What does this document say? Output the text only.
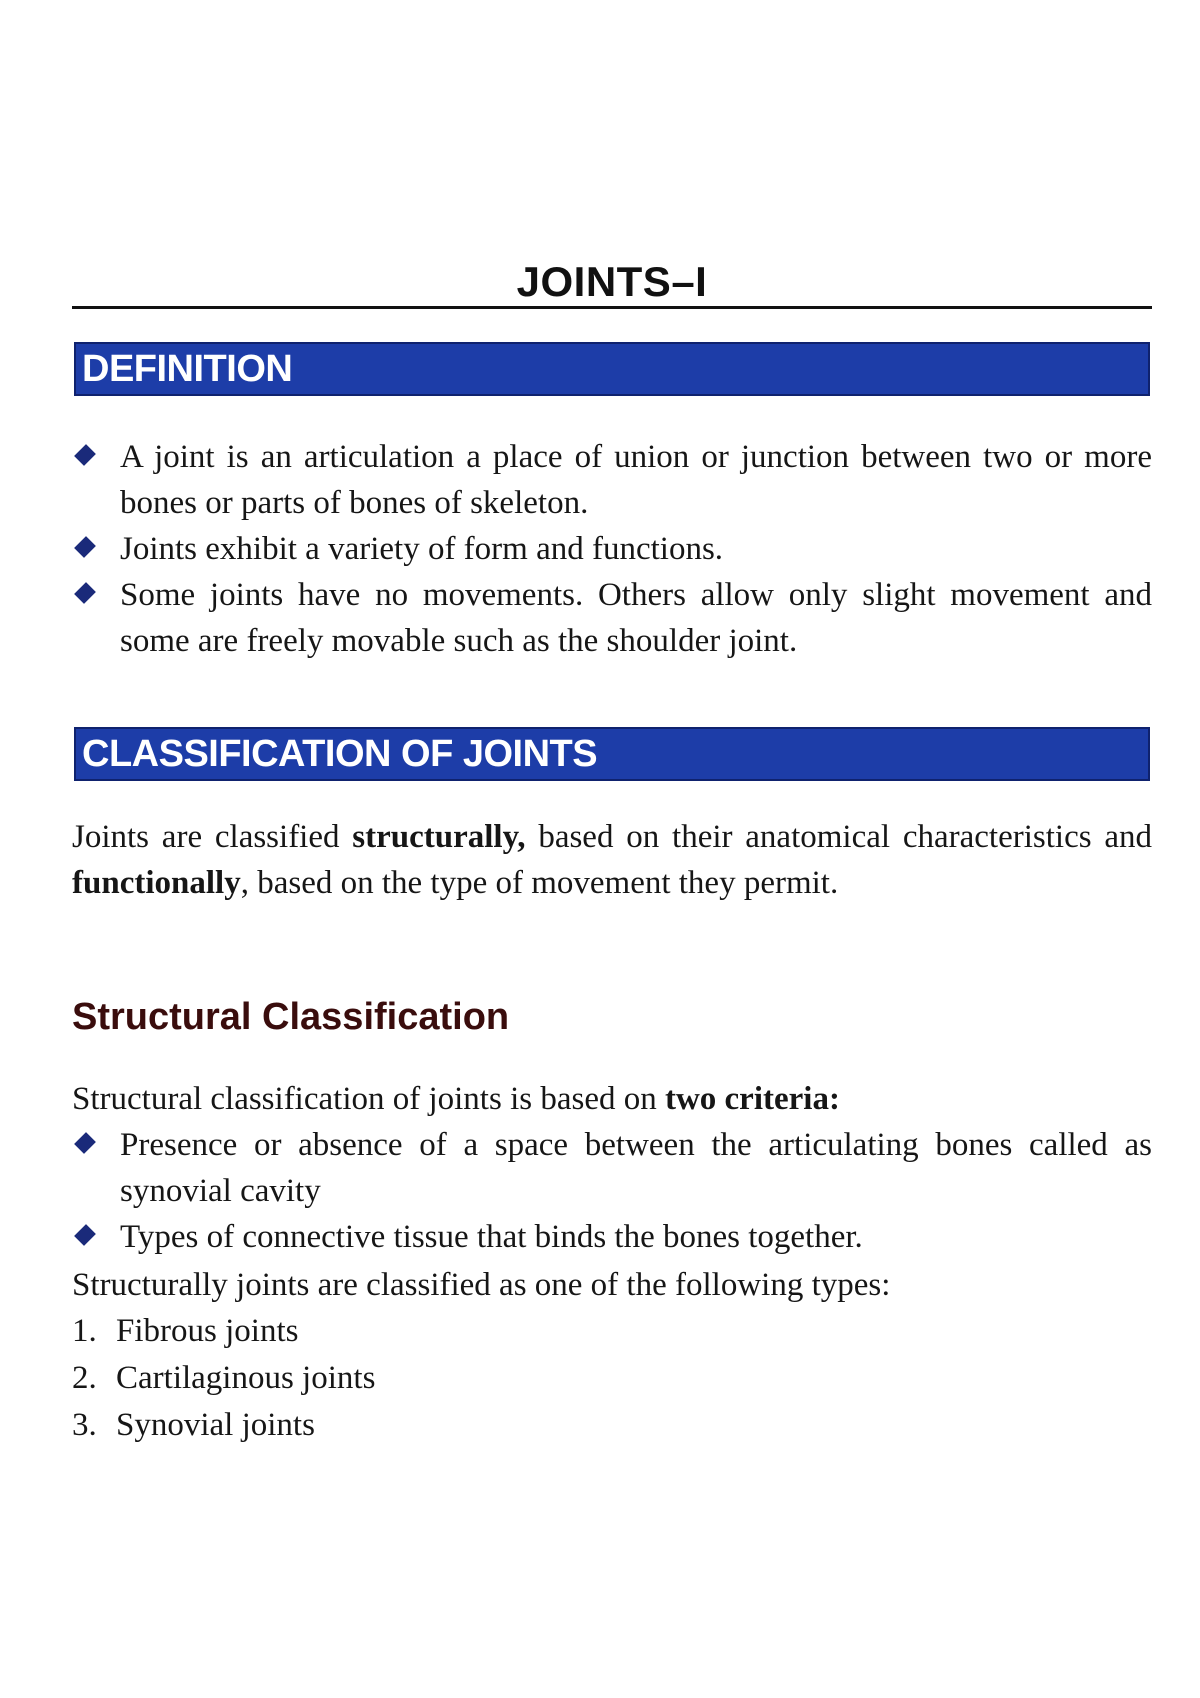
JOINTS–I
DEFINITION
A joint is an articulation a place of union or junction between two or more bones or parts of bones of skeleton.
Joints exhibit a variety of form and functions.
Some joints have no movements. Others allow only slight movement and some are freely movable such as the shoulder joint.
CLASSIFICATION OF JOINTS

Joints are classified structurally, based on their anatomical characteristics and functionally, based on the type of movement they permit.

Structural Classification

Structural classification of joints is based on two criteria:

Presence or absence of a space between the articulating bones called as synovial cavity
Types of connective tissue that binds the bones together.

Structurally joints are classified as one of the following types:

1. Fibrous joints
2. Cartilaginous joints
3. Synovial joints
